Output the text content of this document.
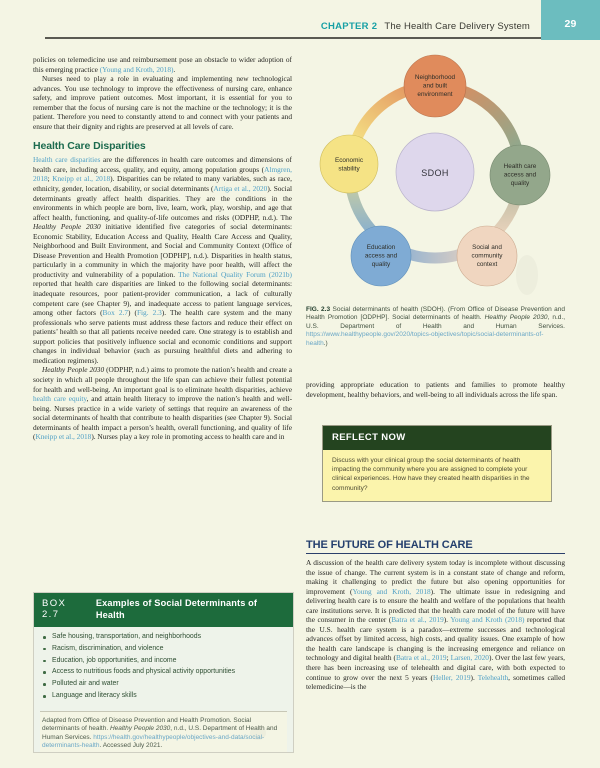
29
CHAPTER 2 The Health Care Delivery System

policies on telemedicine use and reimbursement pose an obstacle to wider adoption of this emerging practice (Young and Kroth, 2018).

Nurses need to play a role in evaluating and implementing new technological advances. You use technology to improve the effectiveness of nursing care, enhance safety, and improve patient outcomes. Most important, it is essential for you to remember that the focus of nursing care is not the machine or the technology; it is the patient. Therefore you need to constantly attend to and connect with your patients and ensure that their dignity and rights are preserved at all levels of care.

Health Care Disparities

Health care disparities are the differences in health care outcomes and dimensions of health care, including access, quality, and equity, among population groups (Almgren, 2018; Kneipp et al., 2018). Disparities can be related to many variables, such as race, ethnicity, gender, location, disability, or social determinants (Artiga et al., 2020). Social determinants greatly affect health disparities. They are the conditions in the environments in which people are born, live, learn, work, play, worship, and age that affect health, functioning, and quality-of-life outcomes and risks (ODPHP, n.d.). The Healthy People 2030 initiative identified five categories of social determinants: Economic Stability, Education Access and Quality, Health Care Access and Quality, Neighborhood and Built Environment, and Social and Community Context (Office of Disease Prevention and Health Promotion [ODPHP], n.d.). Disparities in health status, particularly in a community in which the majority have poor health, will affect the productivity and vulnerability of a population. The National Quality Forum (2021b) reported that health care disparities are linked to the following social determinants: inadequate resources, poor patient-provider communication, a lack of culturally competent care (see Chapter 9), and inadequate access to patient language services, among other factors (Box 2.7) (Fig. 2.3). The health care system and the many professionals who serve patients must address these factors and reduce their effect on patients’ health so that all patients receive needed care. One strategy is to establish and support policies that positively influence social and economic conditions and support changes in individual behavior (such as pursuing healthful diets and adhering to medication regimens).

Healthy People 2030 (ODPHP, n.d.) aims to promote the nation’s health and create a society in which all people throughout the life span can achieve their fullest potential for health and well-being. An important goal is to eliminate health disparities, achieve health care equity, and attain health literacy to improve the nation’s health and well-being. Nurses practice in a wide variety of settings that require an awareness of the social determinants of health that contribute to health disparities (see Chapter 9). Social determinants of health impact a person’s health, overall functioning, and quality of life (Kneipp et al., 2018). Nurses play a key role in promoting access to health care and in

BOX 2.7
Examples of Social Determinants of Health
Safe housing, transportation, and neighborhoods
Racism, discrimination, and violence
Education, job opportunities, and income
Access to nutritious foods and physical activity opportunities
Polluted air and water
Language and literacy skills
Adapted from Office of Disease Prevention and Health Promotion. Social determinants of health. Healthy People 2030, n.d., U.S. Department of Health and Human Services. https://health.gov/healthypeople/objectives-and-data/social-determinants-health. Accessed July 2021.
SDOH
Neighborhood
and built
environment
Health care
access and
quality
Social and
community
context
Education
access and
quality
Economic
stability
FIG. 2.3 Social determinants of health (SDOH). (From Office of Disease Prevention and Health Promotion [ODPHP]. Social determinants of health. Healthy People 2030, n.d., U.S. Department of Health and Human Services. https://www.healthypeople.gov/2020/topics-objectives/topic/social-determinants-of-health.)

providing appropriate education to patients and families to promote healthy development, healthy behaviors, and well-being to all individuals across the life span.

REFLECT NOW
Discuss with your clinical group the social determinants of health impacting the community where you are assigned to complete your clinical experiences. How have they created health disparities in the community?
THE FUTURE OF HEALTH CARE

A discussion of the health care delivery system today is incomplete without discussing the issue of change. The current system is in a constant state of change and reform, making it challenging to predict the future but also opening opportunities for improvement (Young and Kroth, 2018). The ultimate issue in redesigning and delivering health care is to ensure the health and welfare of the populations that health care institutions serve. It is predicted that the health care model of the future will have the consumer in the center (Batra et al., 2019). Young and Kroth (2018) reported that the U.S. health care system is a paradox—extreme successes and technological advances offset by limited access, high costs, and quality issues. One example of how the health care landscape is changing is the increasing emergence and reliance on technology and digital health (Batra et al., 2019; Larsen, 2020). Over the last few years, there has been increasing use of telehealth and digital care, with both expected to continue to grow over the next 5 years (Heller, 2019). Telehealth, sometimes called telemedicine—is the
